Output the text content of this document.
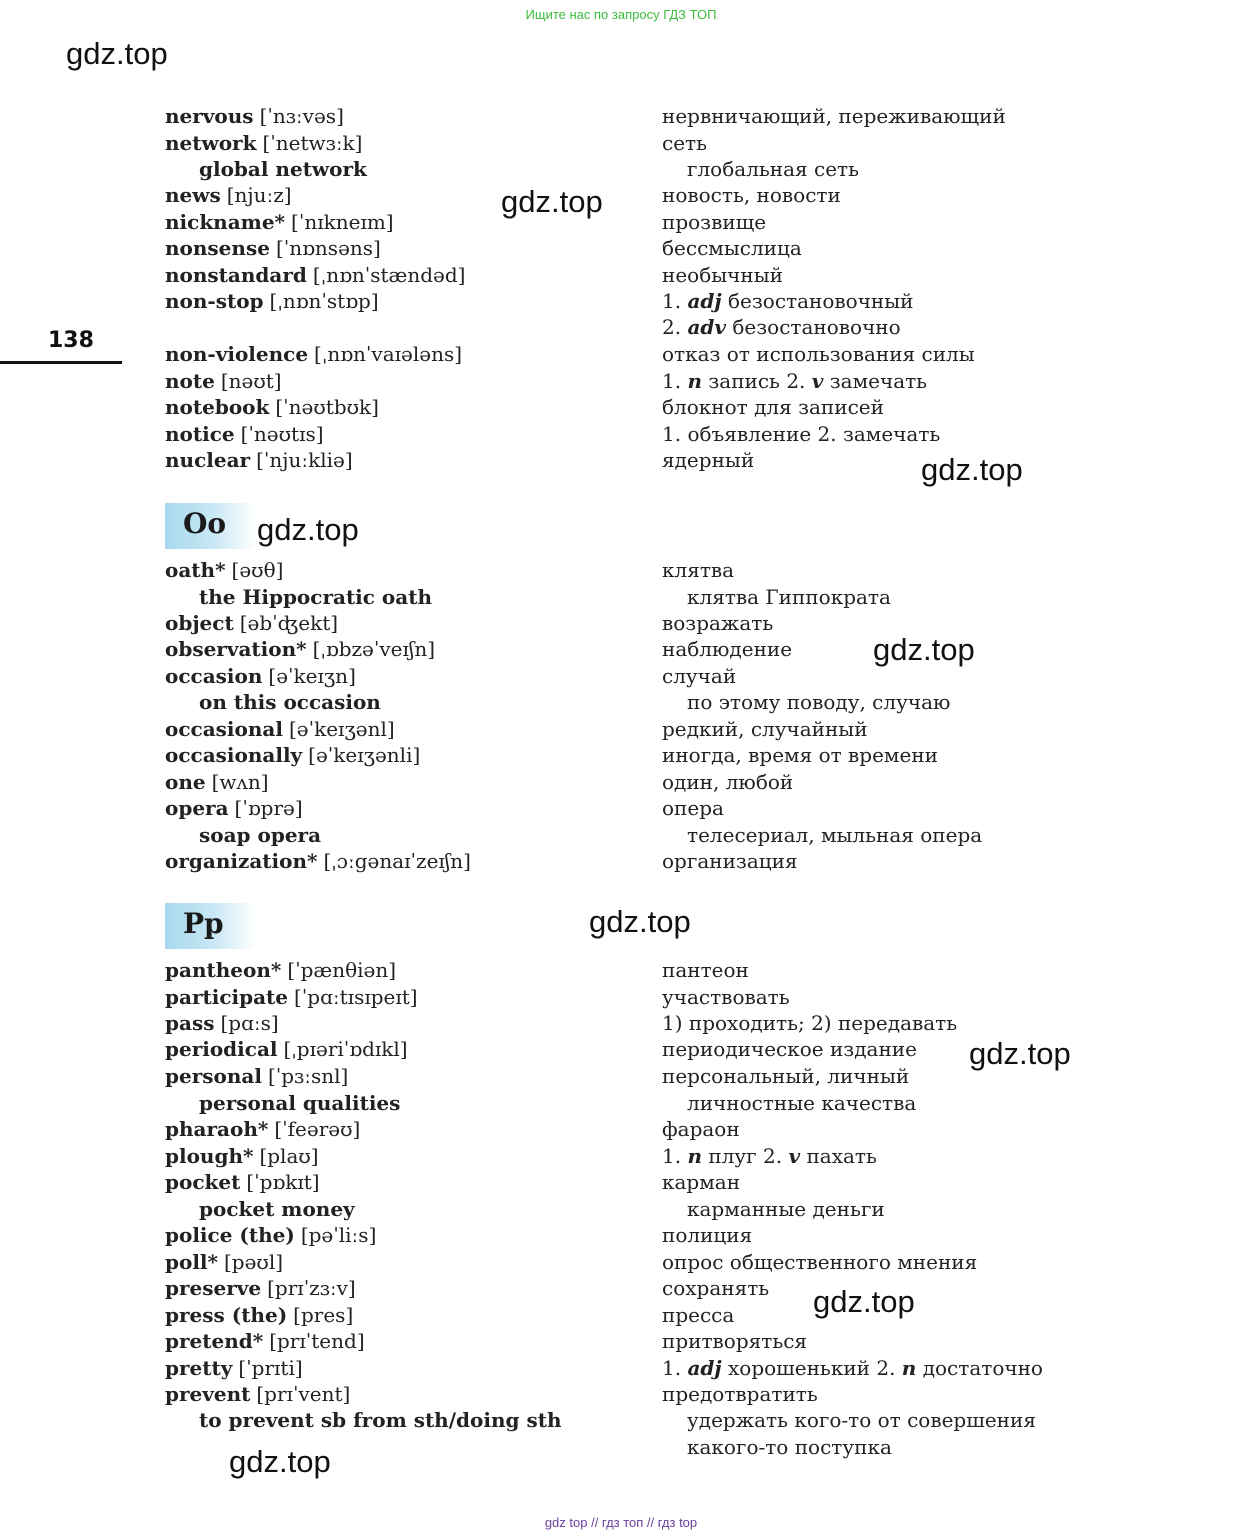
Ищите нас по запросу ГДЗ ТОП
gdz.top
gdz.top
gdz.top
gdz.top
gdz.top
gdz.top
gdz.top
gdz.top
gdz.top
138
nervous [ˈnɜːvəs]	нервничающий, переживающий
network [ˈnetwɜːk]	сеть
global network	глобальная сеть
news [njuːz]	новость, новости
nickname* [ˈnɪkneɪm]	прозвище
nonsense [ˈnɒnsəns]	бессмыслица
nonstandard [ˌnɒnˈstændəd]	необычный
non-stop [ˌnɒnˈstɒp]	1. adj безостановочный
2. adv безостановочно
non-violence [ˌnɒnˈvaɪələns]	отказ от использования силы
note [nəʊt]	1. n запись 2. v замечать
notebook [ˈnəʊtbʊk]	блокнот для записей
notice [ˈnəʊtɪs]	1. объявление 2. замечать
nuclear [ˈnjuːkliə]	ядерный
Oo
oath* [əʊθ]	клятва
the Hippocratic oath	клятва Гиппократа
object [əbˈʤekt]	возражать
observation* [ˌɒbzəˈveɪʃn]	наблюдение
occasion [əˈkeɪʒn]	случай
on this occasion	по этому поводу, случаю
occasional [əˈkeɪʒənl]	редкий, случайный
occasionally [əˈkeɪʒənli]	иногда, время от времени
one [wʌn]	один, любой
opera [ˈɒprə]	опера
soap opera	телесериал, мыльная опера
organization* [ˌɔːgənaɪˈzeɪʃn]	организация
Pp
pantheon* [ˈpænθiən]	пантеон
participate [ˈpɑːtɪsɪpeɪt]	участвовать
pass [pɑːs]	1) проходить; 2) передавать
periodical [ˌpɪəriˈɒdɪkl]	периодическое издание
personal [ˈpɜːsnl]	персональный, личный
personal qualities	личностные качества
pharaoh* [ˈfeərəʊ]	фараон
plough* [plaʊ]	1. n плуг 2. v пахать
pocket [ˈpɒkɪt]	карман
pocket money	карманные деньги
police (the) [pəˈliːs]	полиция
poll* [pəʊl]	опрос общественного мнения
preserve [prɪˈzɜːv]	сохранять
press (the) [pres]	пресса
pretend* [prɪˈtend]	притворяться
pretty [ˈprɪti]	1. adj хорошенький 2. n достаточно
prevent [prɪˈvent]	предотвратить
to prevent sb from sth/doing sth	удержать кого-то от совершения
какого-то поступка
gdz top // гдз топ // гдз top
